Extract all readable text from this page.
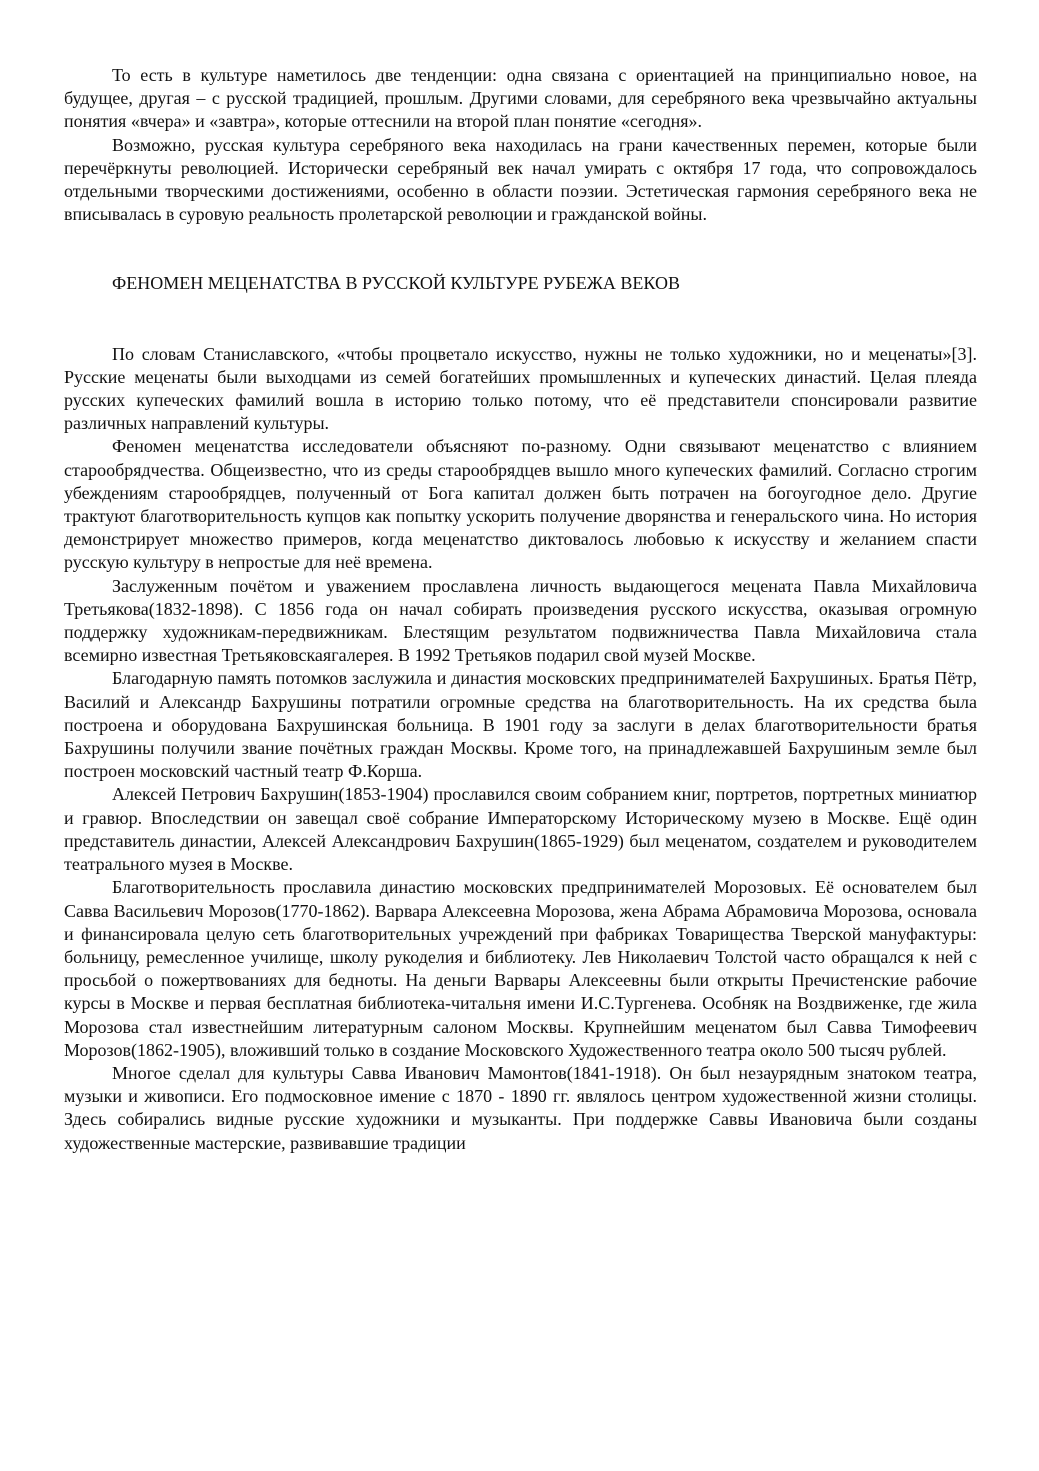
То есть в культуре наметилось две тенденции: одна связана с ориентацией на принципиально новое, на будущее, другая – с русской традицией, прошлым. Другими словами, для серебряного века чрезвычайно актуальны понятия «вчера» и «завтра», которые оттеснили на второй план понятие «сегодня».

Возможно, русская культура серебряного века находилась на грани качественных перемен, которые были перечёркнуты революцией. Исторически серебряный век начал умирать с октября 17 года, что сопровождалось отдельными творческими достижениями, особенно в области поэзии. Эстетическая гармония серебряного века не вписывалась в суровую реальность пролетарской революции и гражданской войны.

ФЕНОМЕН МЕЦЕНАТСТВА В РУССКОЙ КУЛЬТУРЕ РУБЕЖА ВЕКОВ

По словам Станиславского, «чтобы процветало искусство, нужны не только художники, но и меценаты»[3]. Русские меценаты были выходцами из семей богатейших промышленных и купеческих династий. Целая плеяда русских купеческих фамилий вошла в историю только потому, что её представители спонсировали развитие различных направлений культуры.

Феномен меценатства исследователи объясняют по-разному. Одни связывают меценатство с влиянием старообрядчества. Общеизвестно, что из среды старообрядцев вышло много купеческих фамилий. Согласно строгим убеждениям старообрядцев, полученный от Бога капитал должен быть потрачен на богоугодное дело. Другие трактуют благотворительность купцов как попытку ускорить получение дворянства и генеральского чина. Но история демонстрирует множество примеров, когда меценатство диктовалось любовью к искусству и желанием спасти русскую культуру в непростые для неё времена.

Заслуженным почётом и уважением прославлена личность выдающегося мецената Павла Михайловича Третьякова(1832-1898). С 1856 года он начал собирать произведения русского искусства, оказывая огромную поддержку художникам-передвижникам. Блестящим результатом подвижничества Павла Михайловича стала всемирно известная Третьяковскаягалерея. В 1992 Третьяков подарил свой музей Москве.

Благодарную память потомков заслужила и династия московских предпринимателей Бахрушиных. Братья Пётр, Василий и Александр Бахрушины потратили огромные средства на благотворительность. На их средства была построена и оборудована Бахрушинская больница. В 1901 году за заслуги в делах благотворительности братья Бахрушины получили звание почётных граждан Москвы. Кроме того, на принадлежавшей Бахрушиным земле был построен московский частный театр Ф.Корша.

Алексей Петрович Бахрушин(1853-1904) прославился своим собранием книг, портретов, портретных миниатюр и гравюр. Впоследствии он завещал своё собрание Императорскому Историческому музею в Москве. Ещё один представитель династии, Алексей Александрович Бахрушин(1865-1929) был меценатом, создателем и руководителем театрального музея в Москве.

Благотворительность прославила династию московских предпринимателей Морозовых. Её основателем был Савва Васильевич Морозов(1770-1862). Варвара Алексеевна Морозова, жена Абрама Абрамовича Морозова, основала и финансировала целую сеть благотворительных учреждений при фабриках Товарищества Тверской мануфактуры: больницу, ремесленное училище, школу рукоделия и библиотеку. Лев Николаевич Толстой часто обращался к ней с просьбой о пожертвованиях для бедноты. На деньги Варвары Алексеевны были открыты Пречистенские рабочие курсы в Москве и первая бесплатная библиотека-читальня имени И.С.Тургенева. Особняк на Воздвиженке, где жила Морозова стал известнейшим литературным салоном Москвы. Крупнейшим меценатом был Савва Тимофеевич Морозов(1862-1905), вложивший только в создание Московского Художественного театра около 500 тысяч рублей.

Многое сделал для культуры Савва Иванович Мамонтов(1841-1918). Он был незаурядным знатоком театра, музыки и живописи. Его подмосковное имение с 1870 - 1890 гг. являлось центром художественной жизни столицы. Здесь собирались видные русские художники и музыканты. При поддержке Саввы Ивановича были созданы художественные мастерские, развивавшие традиции
